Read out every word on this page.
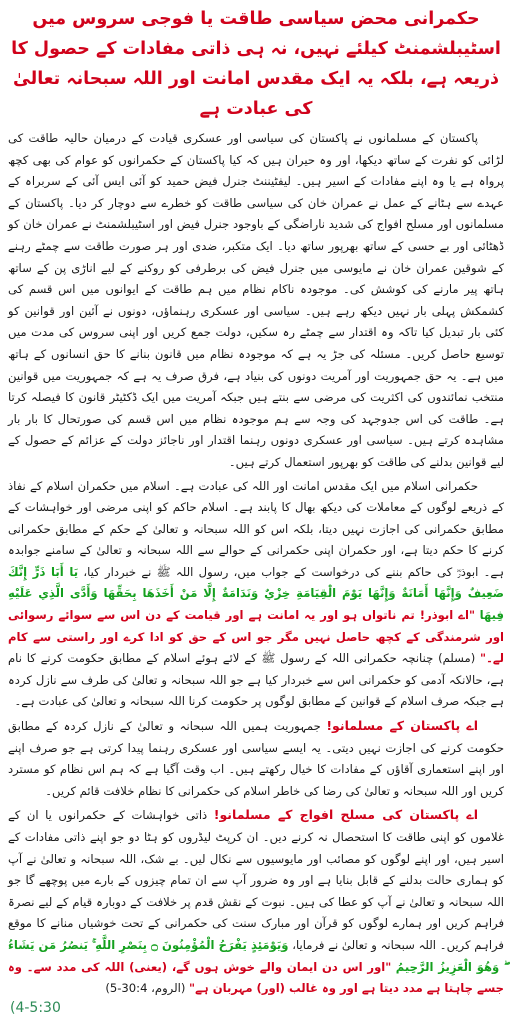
حکمرانی محض سیاسی طاقت یا فوجی سروس میں اسٹیبلشمنٹ کیلئے نہیں، نہ ہی ذاتی مفادات کے حصول کا ذریعہ ہے، بلکہ یہ ایک مقدس امانت اور اللہ سبحانہ تعالیٰ کی عبادت ہے

پاکستان کے مسلمانوں نے پاکستان کی سیاسی اور عسکری قیادت کے درمیان حالیہ طاقت کی لڑائی کو نفرت کے ساتھ دیکھا، اور وہ حیران ہیں کہ کیا پاکستان کے حکمرانوں کو عوام کی بھی کچھ پرواہ ہے یا وہ اپنے مفادات کے اسیر ہیں۔ لیفٹیننٹ جنرل فیض حمید کو آئی ایس آئی کے سربراہ کے عہدے سے ہٹانے کے عمل نے عمران خان کی سیاسی طاقت کو خطرے سے دوچار کر دیا۔ پاکستان کے مسلمانوں اور مسلح افواج کی شدید ناراضگی کے باوجود جنرل فیض اور اسٹیبلشمنٹ نے عمران خان کو ڈھٹائی اور بے حسی کے ساتھ بھرپور ساتھ دیا۔ ایک متکبر، ضدی اور ہر صورت طاقت سے چمٹے رہنے کے شوقین عمران خان نے مایوسی میں جنرل فیض کی برطرفی کو روکنے کے لیے اناڑی پن کے ساتھ ہاتھ پیر مارنے کی کوشش کی۔ موجودہ ناکام نظام میں ہم طاقت کے ایوانوں میں اس قسم کی کشمکش پہلی بار نہیں دیکھ رہے ہیں۔ سیاسی اور عسکری رہنماؤں، دونوں نے آئین اور قوانین کو کئی بار تبدیل کیا تاکہ وہ اقتدار سے چمٹے رہ سکیں، دولت جمع کریں اور اپنی سروس کی مدت میں توسیع حاصل کریں۔ مسئلہ کی جڑ یہ ہے کہ موجودہ نظام میں قانون بنانے کا حق انسانوں کے ہاتھ میں ہے۔ یہ حق جمہوریت اور آمریت دونوں کی بنیاد ہے، فرق صرف یہ ہے کہ جمہوریت میں قوانین منتخب نمائندوں کی اکثریت کی مرضی سے بنتے ہیں جبکہ آمریت میں ایک ڈکٹیٹر قانون کا فیصلہ کرتا ہے۔ طاقت کی اس جدوجہد کی وجہ سے ہم موجودہ نظام میں اس قسم کی صورتحال کا بار بار مشاہدہ کرتے ہیں۔ سیاسی اور عسکری دونوں رہنما اقتدار اور ناجائز دولت کے عزائم کے حصول کے لیے قوانین بدلنے کی طاقت کو بھرپور استعمال کرتے ہیں۔

حکمرانی اسلام میں ایک مقدس امانت اور اللہ کی عبادت ہے۔ اسلام میں حکمران اسلام کے نفاذ کے ذریعے لوگوں کے معاملات کی دیکھ بھال کا پابند ہے۔ اسلام حاکم کو اپنی مرضی اور خواہشات کے مطابق حکمرانی کی اجازت نہیں دیتا، بلکہ اس کو اللہ سبحانہ و تعالیٰ کے حکم کے مطابق حکمرانی کرنے کا حکم دیتا ہے، اور حکمران اپنی حکمرانی کے حوالے سے اللہ سبحانہ و تعالیٰ کے سامنے جوابدہ ہے۔ ابوذرؓ کی حاکم بننے کی درخواست کے جواب میں، رسول اللہ ﷺ نے خبردار کیا، يَا أَبَا ذَرٍّ إِنَّكَ ضَعِيفٌ وَإِنَّهَا أَمَانَةٌ وَإِنَّهَا يَوْمَ الْقِيَامَةِ خِزْيٌ وَنَدَامَةٌ إِلَّا مَنْ أَخَذَهَا بِحَقِّهَا وَأَدَّى الَّذِي عَلَيْهِ فِيهَا "اے ابوذر! تم ناتواں ہو اور یہ امانت ہے اور قیامت کے دن اس سے سوائے رسوائی اور شرمندگی کے کچھ حاصل نہیں مگر جو اس کے حق کو ادا کرے اور راستی سے کام لے۔" (مسلم) چنانچہ حکمرانی اللہ کے رسول ﷺ کے لائے ہوئے اسلام کے مطابق حکومت کرنے کا نام ہے، حالانکہ آدمی کو حکمرانی اس سے خبردار کیا ہے جو اللہ سبحانہ و تعالیٰ کی طرف سے نازل کردہ ہے جبکہ صرف اسلام کے قوانین کے مطابق لوگوں پر حکومت کرنا اللہ سبحانہ و تعالیٰ کی عبادت ہے۔

اے پاکستان کے مسلمانو! جمہوریت ہمیں اللہ سبحانہ و تعالیٰ کے نازل کردہ کے مطابق حکومت کرنے کی اجازت نہیں دیتی۔ یہ ایسے سیاسی اور عسکری رہنما پیدا کرتی ہے جو صرف اپنے اور اپنے استعماری آقاؤں کے مفادات کا خیال رکھتے ہیں۔ اب وقت آگیا ہے کہ ہم اس نظام کو مسترد کریں اور اللہ سبحانہ و تعالیٰ کی رضا کی خاطر اسلام کی حکمرانی کا نظام خلافت قائم کریں۔

اے پاکستان کی مسلح افواج کے مسلمانو! ذاتی خواہشات کے حکمرانوں یا ان کے غلاموں کو اپنی طاقت کا استحصال نہ کرنے دیں۔ ان کرپٹ لیڈروں کو ہٹا دو جو اپنے ذاتی مفادات کے اسیر ہیں، اور اپنے لوگوں کو مصائب اور مایوسیوں سے نکال لیں۔ بے شک، اللہ سبحانہ و تعالیٰ نے آپ کو ہماری حالت بدلنے کے قابل بنایا ہے اور وہ ضرور آپ سے ان تمام چیزوں کے بارے میں پوچھے گا جو اللہ سبحانہ و تعالیٰ نے آپ کو عطا کی ہیں۔ نبوت کے نقش قدم پر خلافت کے دوبارہ قیام کے لیے نصرۃ فراہم کریں اور ہمارے لوگوں کو قرآن اور مبارک سنت کی حکمرانی کے تحت خوشیاں منانے کا موقع فراہم کریں۔ اللہ سبحانہ و تعالیٰ نے فرمایا، وَيَوْمَئِذٍ يَفْرَحُ الْمُؤْمِنُونَ ۝ بِنَصْرِ اللَّهِ ۚ يَنصُرُ مَن يَشَاءُ ۖ وَهُوَ الْعَزِيزُ الرَّحِيمُ "اور اس دن ایمان والے خوش ہوں گے، (یعنی) اللہ کی مدد سے۔ وہ جسے چاہتا ہے مدد دیتا ہے اور وہ غالب (اور) مہربان ہے" (الروم، 30:4-5)

(4-5:30
